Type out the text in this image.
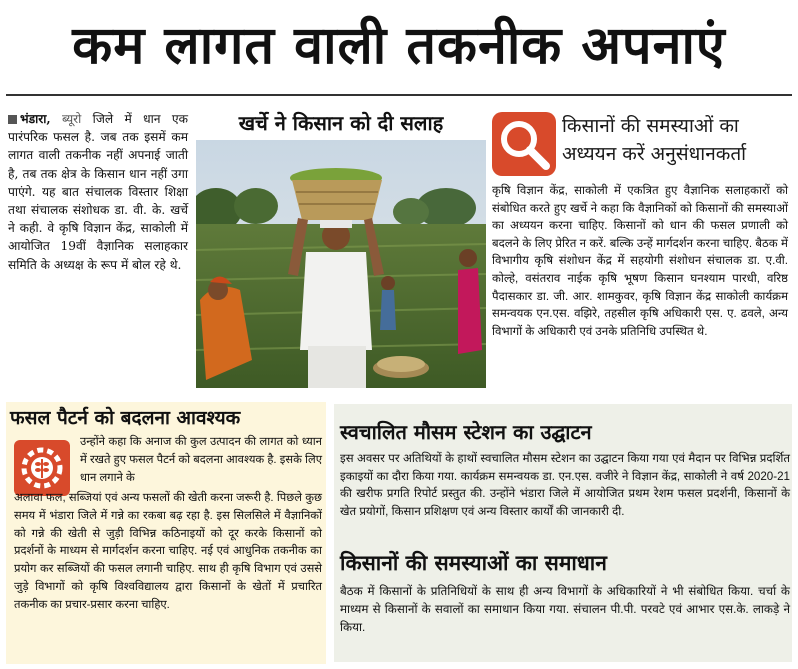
कम लागत वाली तकनीक अपनाएं
भंडारा, ब्यूरो जिले में धान एक पारंपरिक फसल है. जब तक इसमें कम लागत वाली तकनीक नहीं अपनाई जाती है, तब तक क्षेत्र के किसान धान नहीं उगा पाएंगे. यह बात संचालक विस्तार शिक्षा तथा संचालक संशोधक डा. वी. के. खर्चे ने कही. वे कृषि विज्ञान केंद्र, साकोली में आयोजित 19वीं वैज्ञानिक सलाहकार समिति के अध्यक्ष के रूप में बोल रहे थे.
खर्चे ने किसान को दी सलाह	किसानों की समस्याओं का अध्ययन करें अनुसंधानकर्ता
कृषि विज्ञान केंद्र, साकोली में एकत्रित हुए वैज्ञानिक सलाहकारों को संबोधित करते हुए खर्चे ने कहा कि वैज्ञानिकों को किसानों की समस्याओं का अध्ययन करना चाहिए. किसानों को धान की फसल प्रणाली को बदलने के लिए प्रेरित न करें. बल्कि उन्हें मार्गदर्शन करना चाहिए. बैठक में विभागीय कृषि संशोधन केंद्र में सहयोगी संशोधन संचालक डा. ए.वी. कोल्हे, वसंतराव नाईक कृषि भूषण किसान घनश्याम पारधी, वरिष्ठ पैदासकार डा. जी. आर. शामकुवर, कृषि विज्ञान केंद्र साकोली कार्यक्रम समन्वयक एन.एस. वझिरे, तहसील कृषि अधिकारी एस. ए. ढवले, अन्य विभागों के अधिकारी एवं उनके प्रतिनिधि उपस्थित थे.
फसल पैटर्न को बदलना आवश्यक
उन्होंने कहा कि अनाज की कुल उत्पादन की लागत को ध्यान में रखते हुए फसल पैटर्न को बदलना आवश्यक है. इसके लिए धान लगाने के
अलावा फल, सब्जियां एवं अन्य फसलों की खेती करना जरूरी है. पिछले कुछ समय में भंडारा जिले में गन्ने का रकबा बढ़ रहा है. इस सिलसिले में वैज्ञानिकों को गन्ने की खेती से जुड़ी विभिन्न कठिनाइयों को दूर करके किसानों को प्रदर्शनों के माध्यम से मार्गदर्शन करना चाहिए. नई एवं आधुनिक तकनीक का प्रयोग कर सब्जियों की फसल लगानी चाहिए. साथ ही कृषि विभाग एवं उससे जुड़े विभागों को कृषि विश्वविद्यालय द्वारा किसानों के खेतों में प्रचारित तकनीक का प्रचार-प्रसार करना चाहिए.
स्वचालित मौसम स्टेशन का उद्घाटन
इस अवसर पर अतिथियों के हाथों स्वचालित मौसम स्टेशन का उद्घाटन किया गया एवं मैदान पर विभिन्न प्रदर्शित इकाइयों का दौरा किया गया. कार्यक्रम समन्वयक डा. एन.एस. वजीरे ने विज्ञान केंद्र, साकोली ने वर्ष 2020-21 की खरीफ प्रगति रिपोर्ट प्रस्तुत की. उन्होंने भंडारा जिले में आयोजित प्रथम रेशम फसल प्रदर्शनी, किसानों के खेत प्रयोगों, किसान प्रशिक्षण एवं अन्य विस्तार कार्यों की जानकारी दी.
किसानों की समस्याओं का समाधान
बैठक में किसानों के प्रतिनिधियों के साथ ही अन्य विभागों के अधिकारियों ने भी संबोधित किया. चर्चा के माध्यम से किसानों के सवालों का समाधान किया गया. संचालन पी.पी. परवटे एवं आभार एस.के. लाकड़े ने किया.
